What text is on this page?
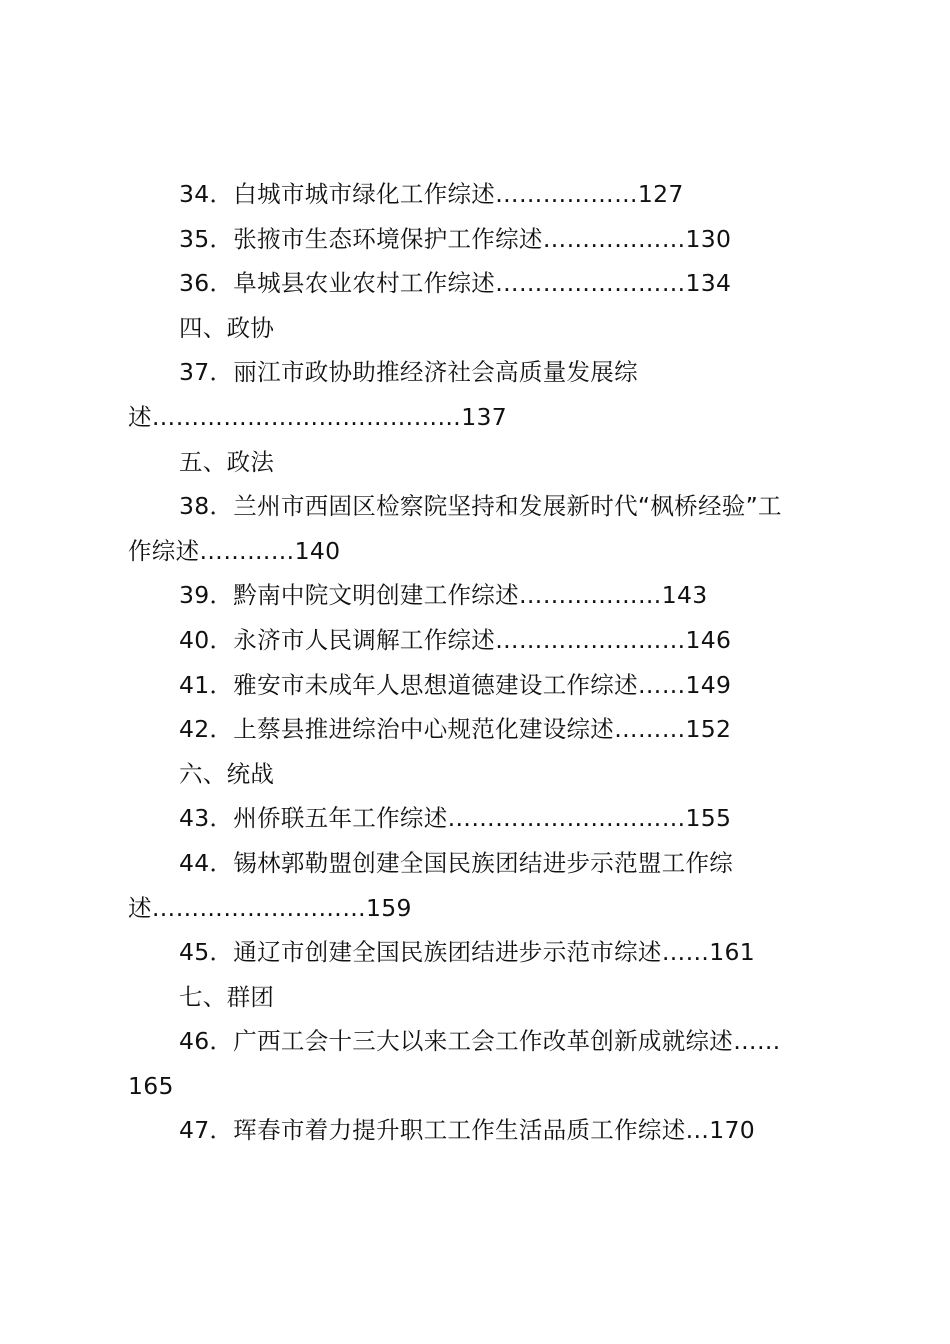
34．白城市城市绿化工作综述………………127
35．张掖市生态环境保护工作综述………………130
36．阜城县农业农村工作综述……………………134
四、政协
37．丽江市政协助推经济社会高质量发展综
述…………………………………137
五、政法
38．兰州市西固区检察院坚持和发展新时代“枫桥经验”工
作综述…………140
39．黔南中院文明创建工作综述………………143
40．永济市人民调解工作综述……………………146
41．雅安市未成年人思想道德建设工作综述……149
42．上蔡县推进综治中心规范化建设综述………152
六、统战
43．州侨联五年工作综述…………………………155
44．锡林郭勒盟创建全国民族团结进步示范盟工作综
述………………………159
45．通辽市创建全国民族团结进步示范市综述……161
七、群团
46．广西工会十三大以来工会工作改革创新成就综述……
165
47．珲春市着力提升职工工作生活品质工作综述…170
